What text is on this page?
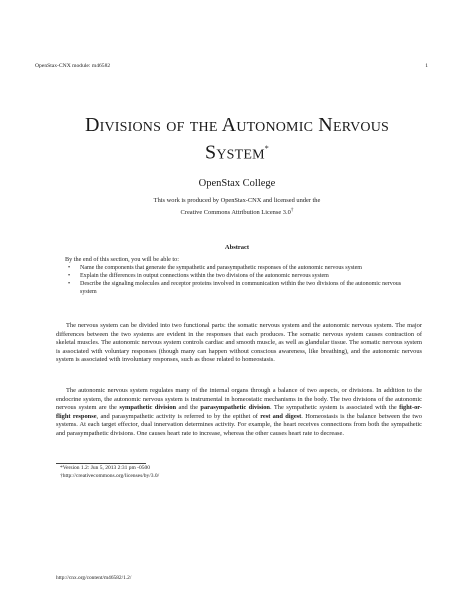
OpenStax-CNX module: m46582	1
Divisions of the Autonomic Nervous
System*
OpenStax College
This work is produced by OpenStax-CNX and licensed under the
Creative Commons Attribution License 3.0†
Abstract
By the end of this section, you will be able to:
• Name the components that generate the sympathetic and parasympathetic responses of the autonomic nervous system
• Explain the differences in output connections within the two divisions of the autonomic nervous system
• Describe the signaling molecules and receptor proteins involved in communication within the two divisions of the autonomic nervous system

The nervous system can be divided into two functional parts: the somatic nervous system and the autonomic nervous system. The major differences between the two systems are evident in the responses that each produces. The somatic nervous system causes contraction of skeletal muscles. The autonomic nervous system controls cardiac and smooth muscle, as well as glandular tissue. The somatic nervous system is associated with voluntary responses (though many can happen without conscious awareness, like breathing), and the autonomic nervous system is associated with involuntary responses, such as those related to homeostasis.

The autonomic nervous system regulates many of the internal organs through a balance of two aspects, or divisions. In addition to the endocrine system, the autonomic nervous system is instrumental in homeostatic mechanisms in the body. The two divisions of the autonomic nervous system are the sympathetic division and the parasympathetic division. The sympathetic system is associated with the fight-or-flight response, and parasympathetic activity is referred to by the epithet of rest and digest. Homeostasis is the balance between the two systems. At each target effector, dual innervation determines activity. For example, the heart receives connections from both the sympathetic and parasympathetic divisions. One causes heart rate to increase, whereas the other causes heart rate to decrease.

*Version 1.2: Jun 5, 2013 2:31 pm -0500
†http://creativecommons.org/licenses/by/3.0/
http://cnx.org/content/m46582/1.2/
